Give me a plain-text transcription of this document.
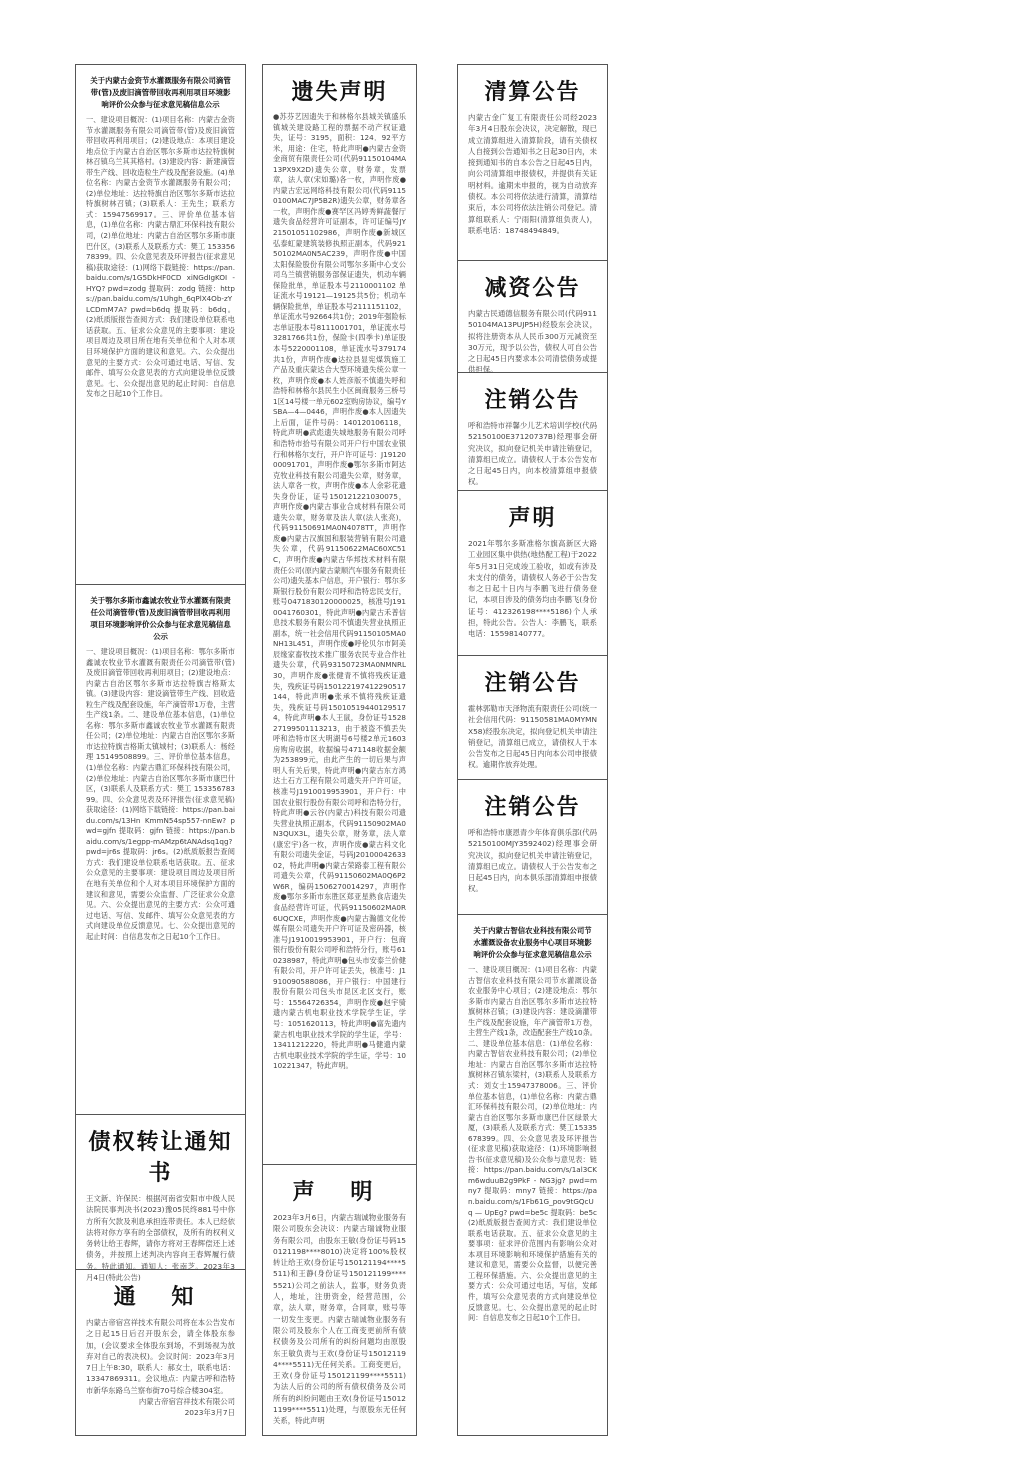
关于内蒙古金资节水灌溉服务有限公司滴管带(管)及废旧滴管带回收再利用项目环境影响评价公众参与征求意见稿信息公示

一、建设项目概况：(1)项目名称：内蒙古金资节水灌溉服务有限公司滴管带(管)及废旧滴管带回收再利用项目；(2)建设地点：本项目建设地点位于内蒙古自治区鄂尔多斯市达拉特旗树林召镇乌兰其其格村。(3)建设内容：新建滴管带生产线、回收造粒生产线及配套设施。(4)单位名称：内蒙古金资节水灌溉服务有限公司；(2)单位地址：达拉特旗自治区鄂尔多斯市达拉特旗树林召镇；(3)联系人：王先生；联系方式：15947569917。三、评价单位基本信息，(1)单位名称：内蒙古鼎汇环保科技有限公司，(2)单位地址：内蒙古自治区鄂尔多斯市康巴什区，(3)联系人及联系方式：樊工 15335678399。四、公众意见表及环评报告(征求意见稿)获取途径：(1)网络下载链接：https://pan.baidu.com/s/1G5DkHF0CD xiNGdIgKOI - HYQ? pwd=zodg 提取码：zodg 链接：https://pan.baidu.com/s/1Uhgh_6qPlX4Ob-zYLCDmM7A? pwd=b6dq 提取码：b6dq。(2)纸质版报告查阅方式：我们建设单位联系电话获取。五、征求公众意见的主要事项：建设项目周边及项目所在地有关单位和个人对本项目环境保护方面的建议和意见。六、公众提出意见的主要方式：公众可通过电话、写信、发邮件、填写公众意见表的方式向建设单位反馈意见。七、公众提出意见的起止时间：自信息发布之日起10个工作日。

关于鄂尔多斯市鑫诚农牧业节水灌溉有限责任公司滴管带(管)及废旧滴管带回收再利用项目环境影响评价公众参与征求意见稿信息公示

一、建设项目概况：(1)项目名称：鄂尔多斯市鑫诚农牧业节水灌溉有限责任公司滴管带(管)及废旧滴管带回收再利用项目；(2)建设地点：内蒙古自治区鄂尔多斯市达拉特旗吉格斯太镇。(3)建设内容：建设滴管带生产线、回收造粒生产线及配套设施，年产滴管带1万卷，主营生产线1条。二、建设单位基本信息，(1)单位名称：鄂尔多斯市鑫诚农牧业节水灌溉有限责任公司；(2)单位地址：内蒙古自治区鄂尔多斯市达拉特旗吉格斯太镇城村；(3)联系人：杨经理 15149508899。三、评价单位基本信息，(1)单位名称：内蒙古鼎汇环保科技有限公司，(2)单位地址：内蒙古自治区鄂尔多斯市康巴什区，(3)联系人及联系方式：樊工 15335678399。四、公众意见表及环评报告(征求意见稿)获取途径：(1)网络下载链接：https://pan.baidu.com/s/13Hn KmmN54sp557-nnEw? pwd=gjfn 提取码：gjfn 链接：https://pan.baidu.com/s/1egpp-mAMzp6tANAdsq1qg? pwd=jr6s 提取码：jr6s。(2)纸质版报告查阅方式：我们建设单位联系电话获取。五、征求公众意见的主要事项：建设项目周边及项目所在地有关单位和个人对本项目环境保护方面的建议和意见，需要公众监督、广泛征求公众意见。六、公众提出意见的主要方式：公众可通过电话、写信、发邮件、填写公众意见表的方式向建设单位反馈意见。七、公众提出意见的起止时间：自信息发布之日起10个工作日。

债权转让通知书

王文新、许保民：根据河南省安阳市中级人民法院民事判决书(2023)豫05民终881号中你方所有欠款及利息承担连带责任。本人已经依法将对你方享有的全部债权，及所有的权利义务转让给王春辉，请你方将对王春辉偿还上述债务，并按照上述判决内容向王春辉履行债务。特此通知。通知人：张南芝。2023年3月4日(特此公告)

通 知

内蒙古帝宿宫祥技术有限公司将在本公告发布之日起15日后召开股东会，请全体股东参加，(会议要求全体股东到场，不到场视为放弃对自己的表决权)。会议时间：2023年3月7日上午8:30，联系人：郝女士，联系电话：13347869311。会议地点：内蒙古呼和浩特市新华东路乌兰察布街70号综合楼304室。

内蒙古帝宿宫祥技术有限公司

2023年3月7日

遗失声明

●苏芬艺因遗失于和林格尔县城关镇盛乐镇城关建设路工程的票据不动产权证遗失，证号：3195，面积：124．92平方米，用途：住宅，特此声明●内蒙古金资金商贸有限责任公司(代码91150104MA13PX9X2D)遗失公章，财务章，发票章，法人章(宋如璐)各一枚，声明作废●内蒙古宏远网络科技有限公司(代码91150100MAC7JP5B2R)遗失公章，财务章各一枚，声明作废●赛罕区冯婷秀鲜蔬餐厅遗失食品经营许可证副本，许可证编号JY21501051102986，声明作废●新城区弘泰虹蒙建筑装修执照正副本，代码92150102MA0N5AC239，声明作废●中国太阳保险股份有限公司鄂尔多斯中心支公司乌兰镇营销服务部保证遗失，机动车辆保险批单，单证股本号2110001102 单证流水号19121—19125共5份；机动车辆保险批单，单证股本号2111151102，单证流水号92664共1份；2019年强险标志单证股本号8111001701，单证流水号3281766共1份，保险卡(四季卡)单证股本号5220001108，单证流水号379174共1份，声明作废●达拉县显宪煤筑施工产品及重庆蒙达合大型环境遗失统公章一枚，声明作废●本人姓彦版不慎遗失呼和浩特和林格尔县民生小区闽商服务三桥号1区14号楼一单元602室购房协议，编号YSBA—4—0446，声明作废●本人因遗失上后面，证件号码：140120106118，特此声明●武彪遗失城地服务有限公司呼和浩特市拾号有限公司开户行中国农业银行和林格尔支行，开户许可证号：J1912000091701，声明作废●鄂尔多斯市阿达克牧业科技有限公司遗失公章，财务章，法人章各一枚，声明作废●本人余彩花遗失身份证，证号150121221030075，声明作废●内蒙古事业合成材料有限公司遗失公章，财务章及法人章(法人张亮)，代码91150691MA0N4078TT，声明作废●内蒙古汉旗国和服装营销有限公司遗失公章，代码91150622MAC60XC51C，声明作废●内蒙古华邦技术材料有限责任公司(原内蒙古蒙顺汽车服务有限责任公司)遗失基本户信息，开户银行：鄂尔多斯银行股份有限公司呼和浩特忠民支行，账号0471830120000025，核准号J1910041760301，特此声明●内蒙古禾普信息技术服务有限公司不慎遗失营业执照正副本，统一社会信用代码91150105MA0NH13L451，声明作废●呼伦贝尔市阿美辰缘家畜牧技术推广服务农民专业合作社遗失公章，代码93150723MA0NMNRL30，声明作废●张健青不慎将残疾证遗失，残疾证号码150122197412290517144，特此声明●张承不慎将残疾证遗失，残疾证号码150105194401295174，特此声明●本人王鼠，身份证号152827199501113213，由于被盗不慎丢失呼和浩特市区大明湖号6号楼2单元1603房购房收据，收据编号471148收据金额为253899元，由此产生的一切后果与声明人有关后果，特此声明●内蒙古东方鸿达土石方工程有限公司遗失开户许可证，核准号J1910019953901，开户行：中国农业银行股份有限公司呼和浩特分行，特此声明●云谷(内蒙古)科技有限公司遗失营业执照正副本，代码91150902MA0N3QUX3L，遗失公章，财务章，法人章(康宏宇)各一枚，声明作废●蒙古科文化有限公司遗失金证，号码J2010004263302，特此声明●内蒙古荣路泰工程有限公司遗失公章，代码91150602MA0Q6P2W6R，编码1506270014297，声明作废●鄂尔多斯市东胜区郑亚星熟食店遗失食品经营许可证，代码91150602MA0R6UQCXE，声明作废●内蒙古瀚德文化传媒有限公司遗失开户许可证及密码器，核准号J1910019953901，开户行：包商银行股份有限公司呼和浩特分行，账号610238987，特此声明●包头市安泰兰价健有限公司，开户许可证丢失，核准号：J1910090588086，开户银行：中国建行股份有限公司包头市昆区北区支行，账号：15564726354，声明作废●赵宇骑遗内蒙古机电职业技术学院学生证，学号：1051620113，特此声明●富先遗内蒙古机电职业技术学院的学生证，学号：13411212220，特此声明●马健遗内蒙古机电职业技术学院的学生证，学号：1010221347，特此声明。

声 明

2023年3月6日，内蒙古瑞诚物业服务有限公司股东会决议：内蒙古瑞诚物业服务有限公司，由股东王敏(身份证号码150121198****8010)决定将100%股权转让给王欢(身份证号150121194****5511)和王静(身份证号150121199****5521)公司之前法人，监事，财务负责人，地址，注册资金，经营范围，公章，法人章，财务章，合同章，账号等一切发生变更。内蒙古瑞诚物业服务有限公司及股东个人在工商变更前所有债权债务及公司所有的纠纷问题均由原股东王敏负责与王欢(身份证号150121194****5511)无任何关系。工商变更后，王欢(身份证号150121199****5511)为法人后的公司的所有债权债务及公司所有的纠纷问题由王欢(身份证号150121199****5511)处理，与原股东无任何关系，特此声明

清算公告

内蒙古金广复工有限责任公司经2023年3月4日股东会决议，决定解散，现已成立清算组进入清算阶段，请有关债权人自接到公告通知书之日起30日内，未接到通知书的自本公告之日起45日内，向公司清算组申报债权，并提供有关证明材料。逾期未申报的，视为自动放弃债权。本公司将依法进行清算，清算结束后，本公司将依法注销公司登记。清算组联系人：宁雨阳(清算组负责人)，联系电话：18748494849。

减资公告

内蒙古民通德信服务有限公司(代码91150104MA13PUJP5H)经股东会决议，拟将注册资本从人民币300万元减资至30万元，现予以公告，债权人可自公告之日起45日内要求本公司清偿债务或提供担保。

注销公告

呼和浩特市祥馨少儿艺术培训学校(代码52150100E37120737B)经理事会研究决议，拟向登记机关申请注销登记，清算组已成立。请债权人于本公告发布之日起45日内，向本校清算组申报债权。

声明

2021年鄂尔多斯准格尔旗高新区大路工业园区集中供热(地热配工程)于2022年5月31日完成竣工验收，如或有涉及未支付的债务，请债权人务必于公告发布之日起十日内与李鹏飞进行债务登记，本项目涉及的债务均由李鹏飞(身份证号：412326198****5186)个人承担，特此公告。公告人：李鹏飞，联系电话：15598140777。

注销公告

霍林郭勒市天泽物流有限责任公司(统一社会信用代码：91150581MA0MYMNX58)经股东决定，拟向登记机关申请注销登记，清算组已成立，请债权人于本公告发布之日起45日内向本公司申报债权。逾期作放弃处理。

注销公告

呼和浩特市康恩青少年体育俱乐部(代码52150100MJY3592402)经理事会研究决议，拟向登记机关申请注销登记，清算组已成立。请债权人于公告发布之日起45日内，向本俱乐部清算组申报债权。

关于内蒙古智信农业科技有限公司节水灌溉设备农业服务中心项目环境影响评价公众参与征求意见稿信息公示

一、建设项目概况：(1)项目名称：内蒙古智信农业科技有限公司节水灌溉设备农业服务中心项目；(2)建设地点：鄂尔多斯市内蒙古自治区鄂尔多斯市达拉特旗树林召镇；(3)建设内容：建设滴灌带生产线及配套设施，年产滴管带1万卷，主营生产线1条，改造配套生产线10条。二、建设单位基本信息：(1)单位名称：内蒙古智信农业科技有限公司；(2)单位地址：内蒙古自治区鄂尔多斯市达拉特旗树林召镇东梁村，(3)联系人及联系方式：刘女士15947378006。三、评价单位基本信息，(1)单位名称：内蒙古鼎汇环保科技有限公司，(2)单位地址：内蒙古自治区鄂尔多斯市康巴什区绿景大厦，(3)联系人及联系方式：樊工15335678399。四、公众意见表及环评报告(征求意见稿)获取途径：(1)环境影响报告书(征求意见稿)及公众参与意见表：链接：https://pan.baidu.com/s/1al3CKm6wduuB2g9PkF - NG3jg? pwd=mny7 提取码：mny7 链接：https://pan.baidu.com/s/1Fb61G_pov9tGQcUq — UpEg? pwd=be5c 提取码：be5c(2)纸质版报告查阅方式：我们建设单位联系电话获取。五、征求公众意见的主要事项：征求评价范围内有影响公众对本项目环境影响和环境保护措施有关的建议和意见，需要公众监督，以便完善工程环保措施。六、公众提出意见的主要方式：公众可通过电话，写信，发邮件，填写公众意见表的方式向建设单位反馈意见。七、公众提出意见的起止时间：自信息发布之日起10个工作日。
